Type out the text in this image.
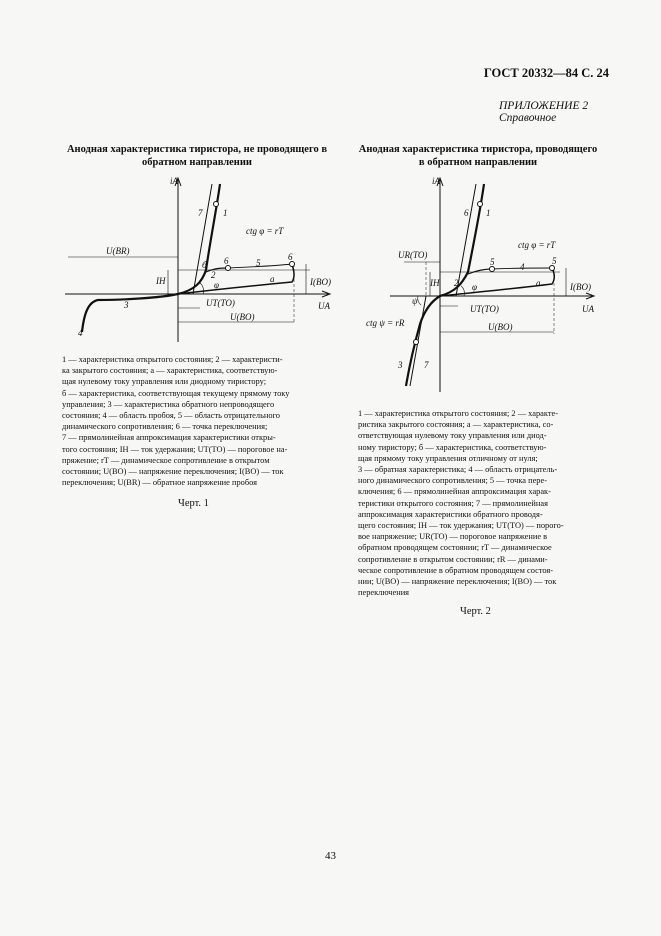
ГОСТ 20332—84 С. 24
ПРИЛОЖЕНИЕ 2
Справочное
Анодная характеристика тиристора, не проводящего в
обратном направлении
Анодная характеристика тиристора, проводящего
в обратном направлении
iA
UA
U(BR)
IH
UT(TO)
U(BO)
I(BO)
ctg φ = rT
φ
1
7
2
3
4
5
6	6
a
б
iA
UA
UR(TO)
IH
UT(TO)
U(BO)
I(BO)
ctg φ = rT
ctg ψ = rR
ψ
φ
6 1
2
5	4
5
a
3 7
1 — характеристика открытого состояния; 2 — характеристи-
ка закрытого состояния; а — характеристика, соответствую-
щая нулевому току управления или диодному тиристору;
б — характеристика, соответствующая текущему прямому току
управления; 3 — характеристика обратного непроводящего
состояния; 4 — область пробоя, 5 — область отрицательного
динамического сопротивления; 6 — точка переключения;
7 — прямолинейная аппроксимация характеристики откры-
того состояния; IH — ток удержания; UT(TO) — пороговое на-
пряжение; rT — динамическое сопротивление в открытом
состоянии; U(BO) — напряжение переключения; I(BO) — ток
переключения; U(BR) — обратное напряжение пробоя
Черт. 1
1 — характеристика открытого состояния; 2 — характе-
ристика закрытого состояния; а — характеристика, со-
ответствующая нулевому току управления или диод-
ному тиристору; б — характеристика, соответствую-
щая прямому току управления отличному от нуля;
3 — обратная характеристика; 4 — область отрицатель-
ного динамического сопротивления; 5 — точка пере-
ключения; 6 — прямолинейная аппроксимация харак-
теристики открытого состояния; 7 — прямолинейная
аппроксимация характеристики обратного проводя-
щего состояния; IH — ток удержания; UT(TO) — порого-
вое напряжение; UR(TO) — пороговое напряжение в
обратном проводящем состоянии; rT — динамическое
сопротивление в открытом состоянии; rR — динами-
ческое сопротивление в обратном проводящем состоя-
нии; U(BO) — напряжение переключения; I(BO) — ток
переключения
Черт. 2
43
